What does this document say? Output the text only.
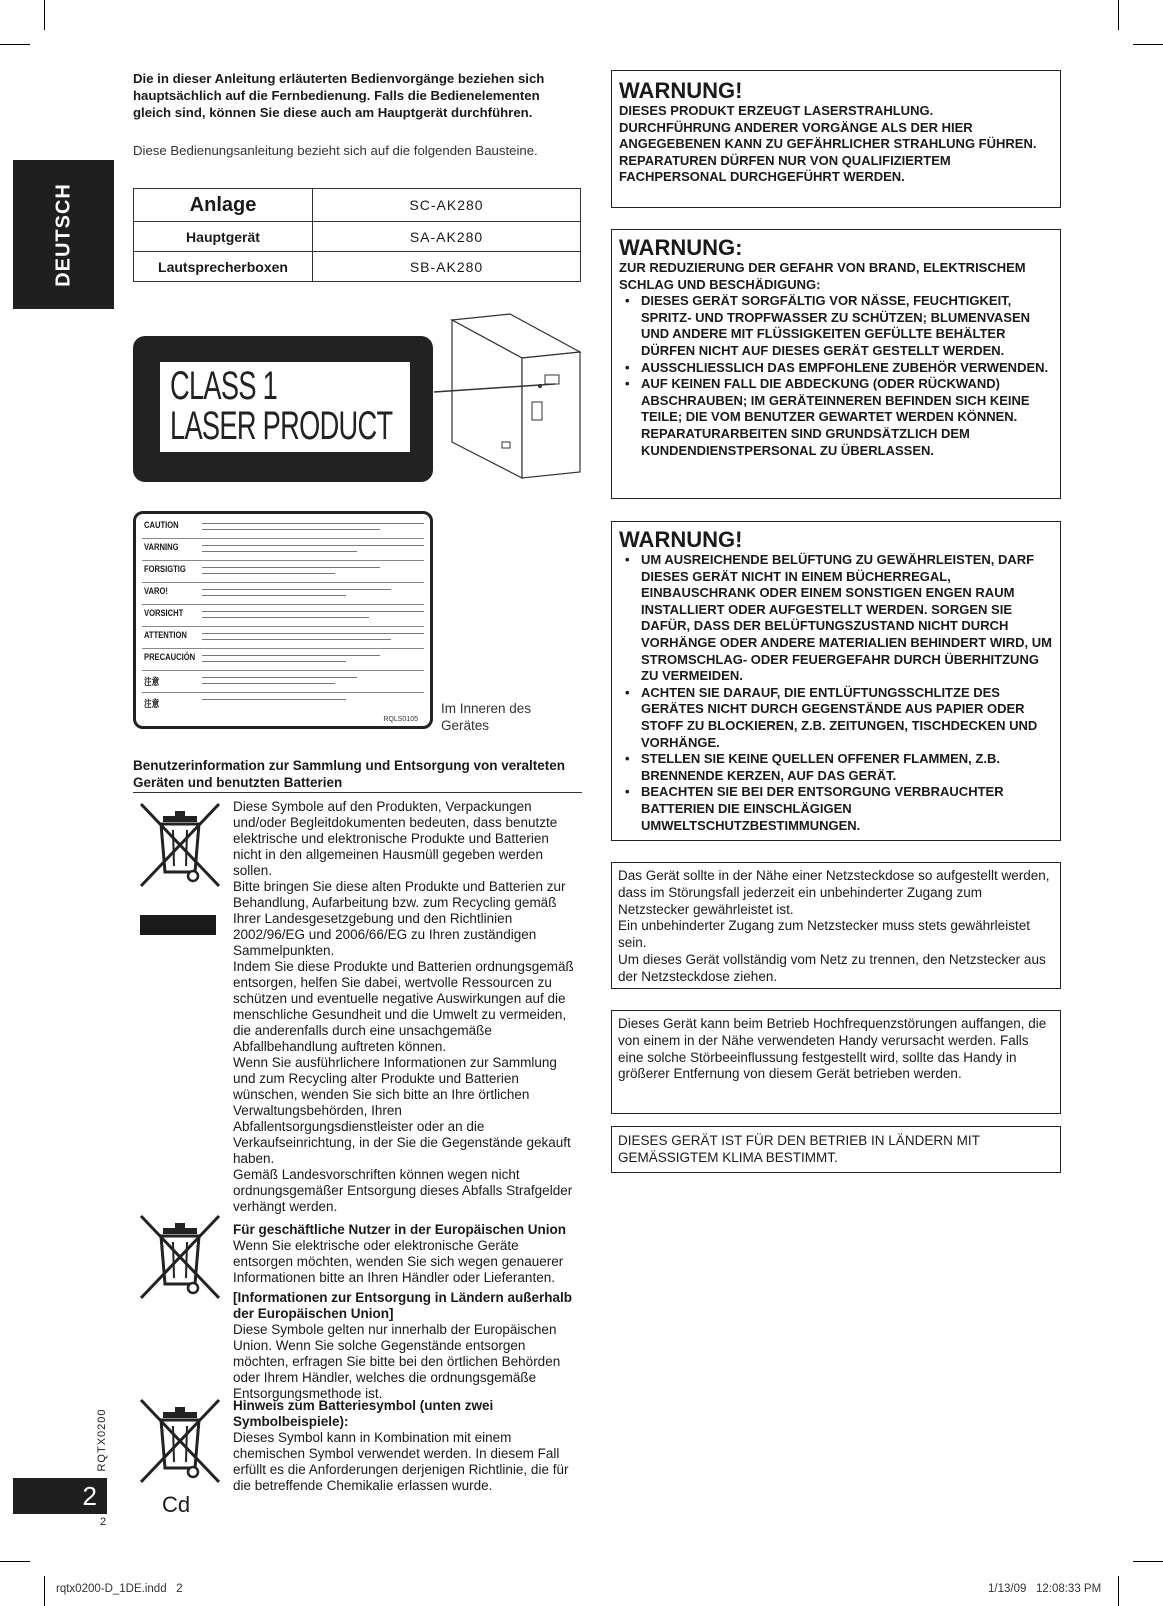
DEUTSCH
RQTX0200
2
2
Die in dieser Anleitung erläuterten Bedienvorgänge beziehen sich hauptsächlich auf die Fernbedienung. Falls die Bedienelementen gleich sind, können Sie diese auch am Hauptgerät durchführen.
Diese Bedienungsanleitung bezieht sich auf die folgenden Bausteine.
Anlage	SC-AK280
Hauptgerät	SA-AK280
Lautsprecherboxen	SB-AK280
CLASS 1
LASER PRODUCT
CAUTION
VARNING
FORSIGTIG
VARO!
VORSICHT
ATTENTION
PRECAUCIÓN
注意
注意
RQLS0105
Im Inneren des Gerätes
Benutzerinformation zur Sammlung und Entsorgung von veralteten Geräten und benutzten Batterien
Diese Symbole auf den Produkten, Verpackungen und/oder Begleitdokumenten bedeuten, dass benutzte elektrische und elektronische Produkte und Batterien nicht in den allgemeinen Hausmüll gegeben werden sollen.
Bitte bringen Sie diese alten Produkte und Batterien zur Behandlung, Aufarbeitung bzw. zum Recycling gemäß Ihrer Landesgesetzgebung und den Richtlinien 2002/96/EG und 2006/66/EG zu Ihren zuständigen Sammelpunkten.
Indem Sie diese Produkte und Batterien ordnungsgemäß entsorgen, helfen Sie dabei, wertvolle Ressourcen zu schützen und eventuelle negative Auswirkungen auf die menschliche Gesundheit und die Umwelt zu vermeiden, die anderenfalls durch eine unsachgemäße Abfallbehandlung auftreten können.
Wenn Sie ausführlichere Informationen zur Sammlung und zum Recycling alter Produkte und Batterien wünschen, wenden Sie sich bitte an Ihre örtlichen Verwaltungsbehörden, Ihren Abfallentsorgungsdienstleister oder an die Verkaufseinrichtung, in der Sie die Gegenstände gekauft haben.
Gemäß Landesvorschriften können wegen nicht ordnungsgemäßer Entsorgung dieses Abfalls Strafgelder verhängt werden.
Für geschäftliche Nutzer in der Europäischen Union
Wenn Sie elektrische oder elektronische Geräte entsorgen möchten, wenden Sie sich wegen genauerer Informationen bitte an Ihren Händler oder Lieferanten.
[Informationen zur Entsorgung in Ländern außerhalb der Europäischen Union]
Diese Symbole gelten nur innerhalb der Europäischen Union. Wenn Sie solche Gegenstände entsorgen möchten, erfragen Sie bitte bei den örtlichen Behörden oder Ihrem Händler, welches die ordnungsgemäße Entsorgungsmethode ist.
Cd
Hinweis zum Batteriesymbol (unten zwei Symbolbeispiele):
Dieses Symbol kann in Kombination mit einem chemischen Symbol verwendet werden. In diesem Fall erfüllt es die Anforderungen derjenigen Richtlinie, die für die betreffende Chemikalie erlassen wurde.
WARNUNG!
DIESES PRODUKT ERZEUGT LASERSTRAHLUNG.
DURCHFÜHRUNG ANDERER VORGÄNGE ALS DER HIER ANGEGEBENEN KANN ZU GEFÄHRLICHER STRAHLUNG FÜHREN.
REPARATUREN DÜRFEN NUR VON QUALIFIZIERTEM FACHPERSONAL DURCHGEFÜHRT WERDEN.
WARNUNG:
ZUR REDUZIERUNG DER GEFAHR VON BRAND, ELEKTRISCHEM SCHLAG UND BESCHÄDIGUNG:
• DIESES GERÄT SORGFÄLTIG VOR NÄSSE, FEUCHTIGKEIT, SPRITZ- UND TROPFWASSER ZU SCHÜTZEN; BLUMENVASEN UND ANDERE MIT FLÜSSIGKEITEN GEFÜLLTE BEHÄLTER DÜRFEN NICHT AUF DIESES GERÄT GESTELLT WERDEN.
• AUSSCHLIESSLICH DAS EMPFOHLENE ZUBEHÖR VERWENDEN.
• AUF KEINEN FALL DIE ABDECKUNG (ODER RÜCKWAND) ABSCHRAUBEN; IM GERÄTEINNEREN BEFINDEN SICH KEINE TEILE; DIE VOM BENUTZER GEWARTET WERDEN KÖNNEN. REPARATURARBEITEN SIND GRUNDSÄTZLICH DEM KUNDENDIENSTPERSONAL ZU ÜBERLASSEN.
WARNUNG!
• UM AUSREICHENDE BELÜFTUNG ZU GEWÄHRLEISTEN, DARF DIESES GERÄT NICHT IN EINEM BÜCHERREGAL, EINBAUSCHRANK ODER EINEM SONSTIGEN ENGEN RAUM INSTALLIERT ODER AUFGESTELLT WERDEN. SORGEN SIE DAFÜR, DASS DER BELÜFTUNGSZUSTAND NICHT DURCH VORHÄNGE ODER ANDERE MATERIALIEN BEHINDERT WIRD, UM STROMSCHLAG- ODER FEUERGEFAHR DURCH ÜBERHITZUNG ZU VERMEIDEN.
• ACHTEN SIE DARAUF, DIE ENTLÜFTUNGSSCHLITZE DES GERÄTES NICHT DURCH GEGENSTÄNDE AUS PAPIER ODER STOFF ZU BLOCKIEREN, Z.B. ZEITUNGEN, TISCHDECKEN UND VORHÄNGE.
• STELLEN SIE KEINE QUELLEN OFFENER FLAMMEN, Z.B. BRENNENDE KERZEN, AUF DAS GERÄT.
• BEACHTEN SIE BEI DER ENTSORGUNG VERBRAUCHTER BATTERIEN DIE EINSCHLÄGIGEN UMWELTSCHUTZBESTIMMUNGEN.
Das Gerät sollte in der Nähe einer Netzsteckdose so aufgestellt werden, dass im Störungsfall jederzeit ein unbehinderter Zugang zum Netzstecker gewährleistet ist.
Ein unbehinderter Zugang zum Netzstecker muss stets gewährleistet sein.
Um dieses Gerät vollständig vom Netz zu trennen, den Netzstecker aus der Netzsteckdose ziehen.
Dieses Gerät kann beim Betrieb Hochfrequenzstörungen auffangen, die von einem in der Nähe verwendeten Handy verursacht werden. Falls eine solche Störbeeinflussung festgestellt wird, sollte das Handy in größerer Entfernung von diesem Gerät betrieben werden.
DIESES GERÄT IST FÜR DEN BETRIEB IN LÄNDERN MIT GEMÄSSIGTEM KLIMA BESTIMMT.
rqtx0200-D_1DE.indd   2	1/13/09   12:08:33 PM
